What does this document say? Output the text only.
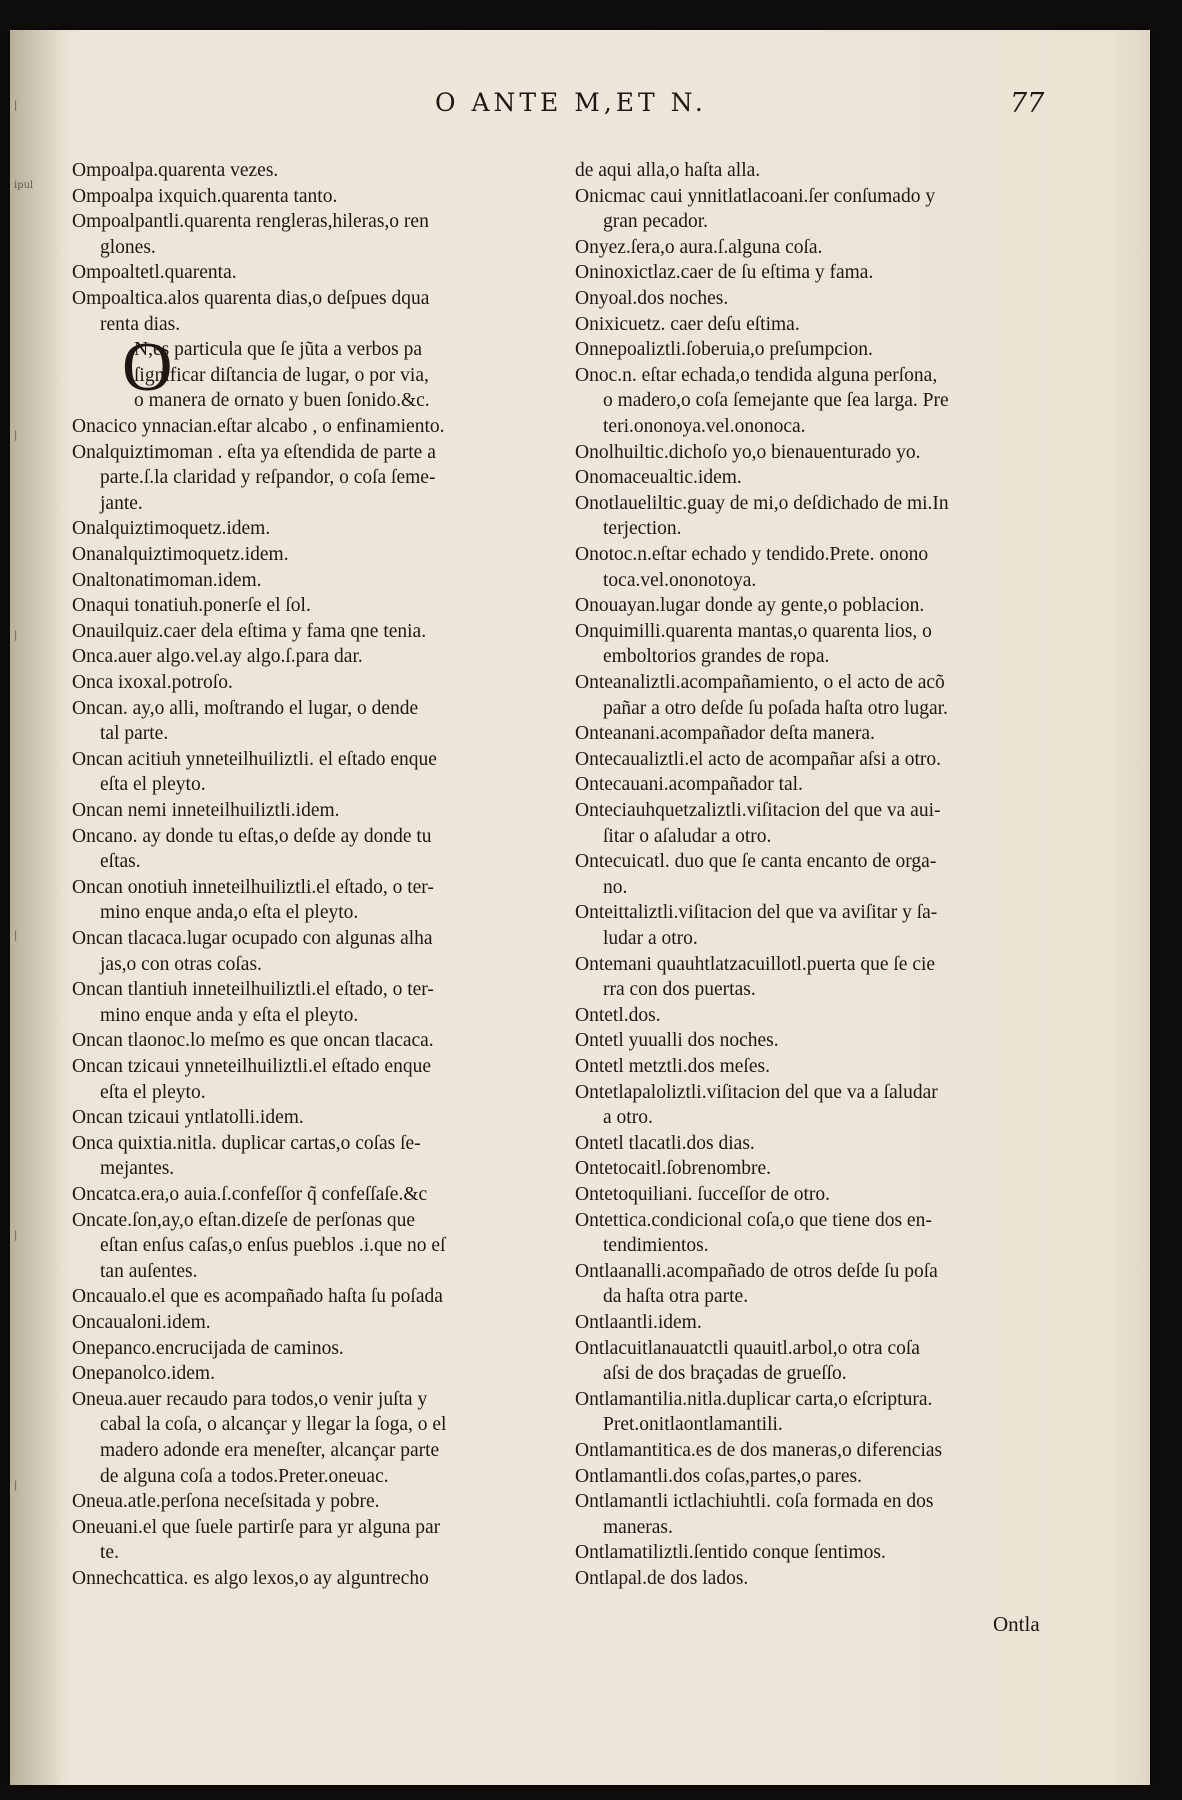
|
ipul
|
|
|
|
|
O ANTE M,ET N.	77
Ompoalpa.quarenta vezes.
Ompoalpa ixquich.quarenta tanto.
Ompoalpantli.quarenta rengleras,hileras,o ren
glones.
Ompoaltetl.quarenta.
Ompoaltica.alos quarenta dias,o deſpues dqua
renta dias.
O
N,es particula que ſe jũta a verbos pa
ſignificar diſtancia de lugar, o por via,
o manera de ornato y buen ſonido.&c.
Onacico ynnacian.eſtar alcabo , o enfinamiento.
Onalquiztimoman . eſta ya eſtendida de parte a
parte.ſ.la claridad y reſpandor, o coſa ſeme-
jante.
Onalquiztimoquetz.idem.
Onanalquiztimoquetz.idem.
Onaltonatimoman.idem.
Onaqui tonatiuh.ponerſe el ſol.
Onauilquiz.caer dela eſtima y fama qne tenia.
Onca.auer algo.vel.ay algo.ſ.para dar.
Onca ixoxal.potroſo.
Oncan. ay,o alli, moſtrando el lugar, o dende
tal parte.
Oncan acitiuh ynneteilhuiliztli. el eſtado enque
eſta el pleyto.
Oncan nemi inneteilhuiliztli.idem.
Oncano. ay donde tu eſtas,o deſde ay donde tu
eſtas.
Oncan onotiuh inneteilhuiliztli.el eſtado, o ter-
mino enque anda,o eſta el pleyto.
Oncan tlacaca.lugar ocupado con algunas alha
jas,o con otras coſas.
Oncan tlantiuh inneteilhuiliztli.el eſtado, o ter-
mino enque anda y eſta el pleyto.
Oncan tlaonoc.lo meſmo es que oncan tlacaca.
Oncan tzicaui ynneteilhuiliztli.el eſtado enque
eſta el pleyto.
Oncan tzicaui yntlatolli.idem.
Onca quixtia.nitla. duplicar cartas,o coſas ſe-
mejantes.
Oncatca.era,o auia.ſ.confeſſor q̃ confeſſaſe.&c
Oncate.ſon,ay,o eſtan.dizeſe de perſonas que
eſtan enſus caſas,o enſus pueblos .i.que no eſ
tan auſentes.
Oncaualo.el que es acompañado haſta ſu poſada
Oncaualoni.idem.
Onepanco.encrucijada de caminos.
Onepanolco.idem.
Oneua.auer recaudo para todos,o venir juſta y
cabal la coſa, o alcançar y llegar la ſoga, o el
madero adonde era meneſter, alcançar parte
de alguna coſa a todos.Preter.oneuac.
Oneua.atle.perſona neceſsitada y pobre.
Oneuani.el que ſuele partirſe para yr alguna par
te.
Onnechcattica. es algo lexos,o ay alguntrecho
de aqui alla,o haſta alla.
Onicmac caui ynnitlatlacoani.ſer conſumado y
gran pecador.
Onyez.ſera,o aura.ſ.alguna coſa.
Oninoxictlaz.caer de ſu eſtima y fama.
Onyoal.dos noches.
Onixicuetz. caer deſu eſtima.
Onnepoaliztli.ſoberuia,o preſumpcion.
Onoc.n. eſtar echada,o tendida alguna perſona,
o madero,o coſa ſemejante que ſea larga. Pre
teri.ononoya.vel.ononoca.
Onolhuiltic.dichoſo yo,o bienauenturado yo.
Onomaceualtic.idem.
Onotlaueliltic.guay de mi,o deſdichado de mi.In
terjection.
Onotoc.n.eſtar echado y tendido.Prete. onono
toca.vel.ononotoya.
Onouayan.lugar donde ay gente,o poblacion.
Onquimilli.quarenta mantas,o quarenta lios, o
emboltorios grandes de ropa.
Onteanaliztli.acompañamiento, o el acto de acõ
pañar a otro deſde ſu poſada haſta otro lugar.
Onteanani.acompañador deſta manera.
Ontecaualiztli.el acto de acompañar aſsi a otro.
Ontecauani.acompañador tal.
Onteciauhquetzaliztli.viſitacion del que va aui-
ſitar o aſaludar a otro.
Ontecuicatl. duo que ſe canta encanto de orga-
no.
Onteittaliztli.viſitacion del que va aviſitar y ſa-
ludar a otro.
Ontemani quauhtlatzacuillotl.puerta que ſe cie
rra con dos puertas.
Ontetl.dos.
Ontetl yuualli dos noches.
Ontetl metztli.dos meſes.
Ontetlapaloliztli.viſitacion del que va a ſaludar
a otro.
Ontetl tlacatli.dos dias.
Ontetocaitl.ſobrenombre.
Ontetoquiliani. ſucceſſor de otro.
Ontettica.condicional coſa,o que tiene dos en-
tendimientos.
Ontlaanalli.acompañado de otros deſde ſu poſa
da haſta otra parte.
Ontlaantli.idem.
Ontlacuitlanauatctli quauitl.arbol,o otra coſa
aſsi de dos braçadas de grueſſo.
Ontlamantilia.nitla.duplicar carta,o eſcriptura.
Pret.onitlaontlamantili.
Ontlamantitica.es de dos maneras,o diferencias
Ontlamantli.dos coſas,partes,o pares.
Ontlamantli ictlachiuhtli. coſa formada en dos
maneras.
Ontlamatiliztli.ſentido conque ſentimos.
Ontlapal.de dos lados.
Ontla
